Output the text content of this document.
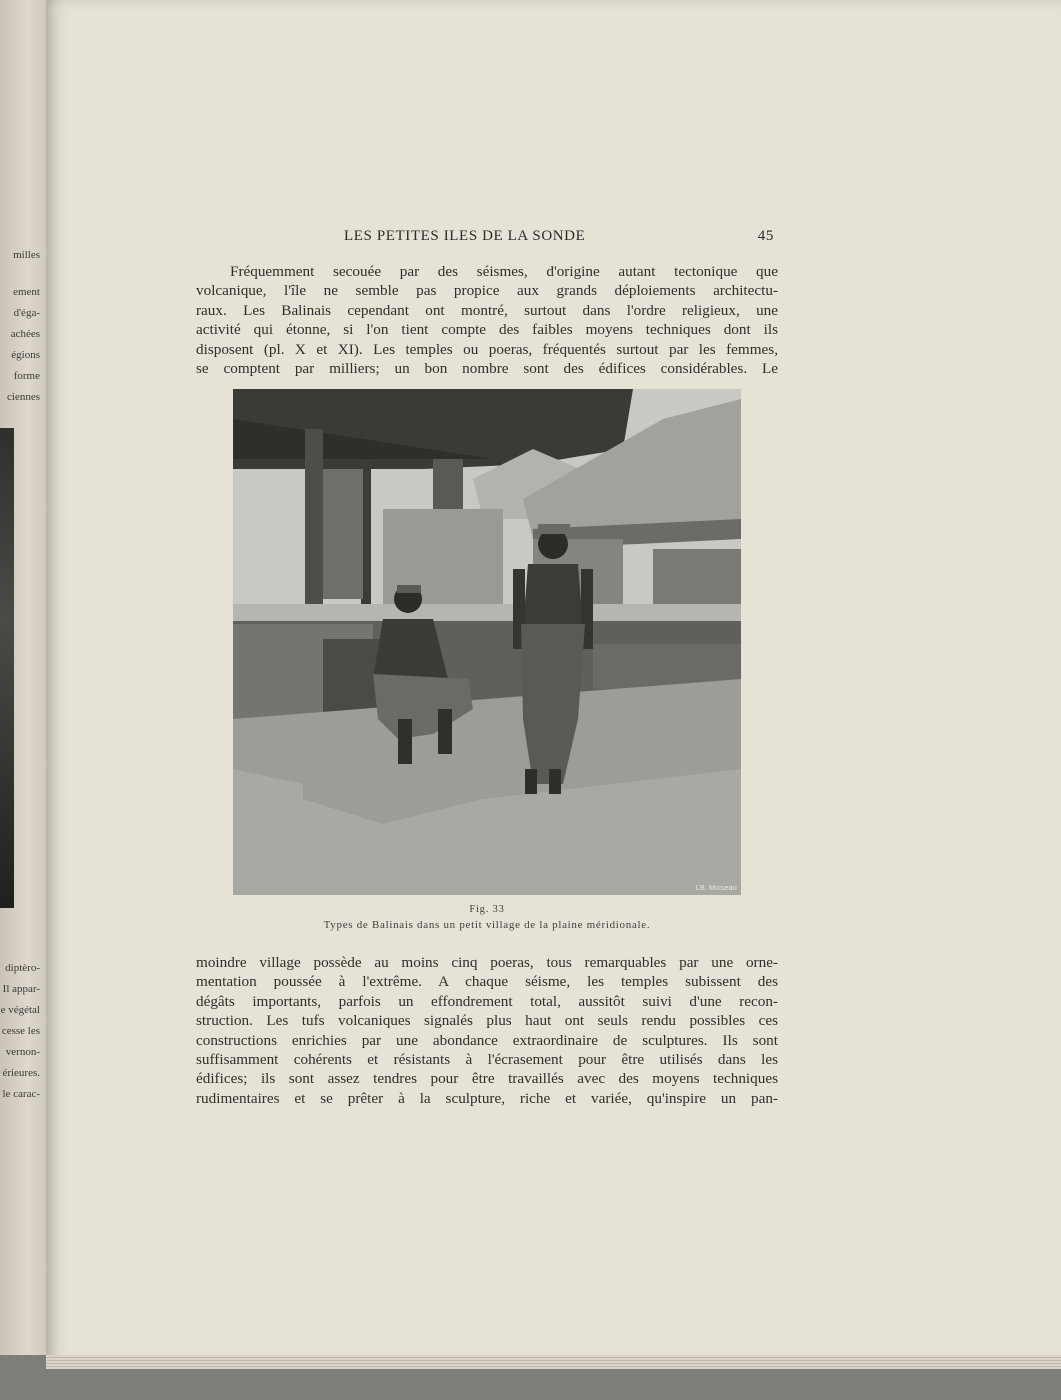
milles
ement
d'éga-
achées
égions
forme
ciennes
diptèro-
Il appar-
e végétal
cesse les
vernon-
érieures.
le carac-
LES PETITES ILES DE LA SONDE	45
Fréquemment secouée par des séismes, d'origine autant tectonique que
volcanique, l'île ne semble pas propice aux grands déploiements architectu-
raux. Les Balinais cependant ont montré, surtout dans l'ordre religieux, une
activité qui étonne, si l'on tient compte des faibles moyens techniques dont ils
disposent (pl. X et XI). Les temples ou poeras, fréquentés surtout par les femmes,
se comptent par milliers; un bon nombre sont des édifices considérables. Le
LB. Moiseau
Fig. 33
Types de Balinais dans un petit village de la plaine méridionale.
moindre village possède au moins cinq poeras, tous remarquables par une orne-
mentation poussée à l'extrême. A chaque séisme, les temples subissent des
dégâts importants, parfois un effondrement total, aussitôt suivi d'une recon-
struction. Les tufs volcaniques signalés plus haut ont seuls rendu possibles ces
constructions enrichies par une abondance extraordinaire de sculptures. Ils sont
suffisamment cohérents et résistants à l'écrasement pour être utilisés dans les
édifices; ils sont assez tendres pour être travaillés avec des moyens techniques
rudimentaires et se prêter à la sculpture, riche et variée, qu'inspire un pan-
